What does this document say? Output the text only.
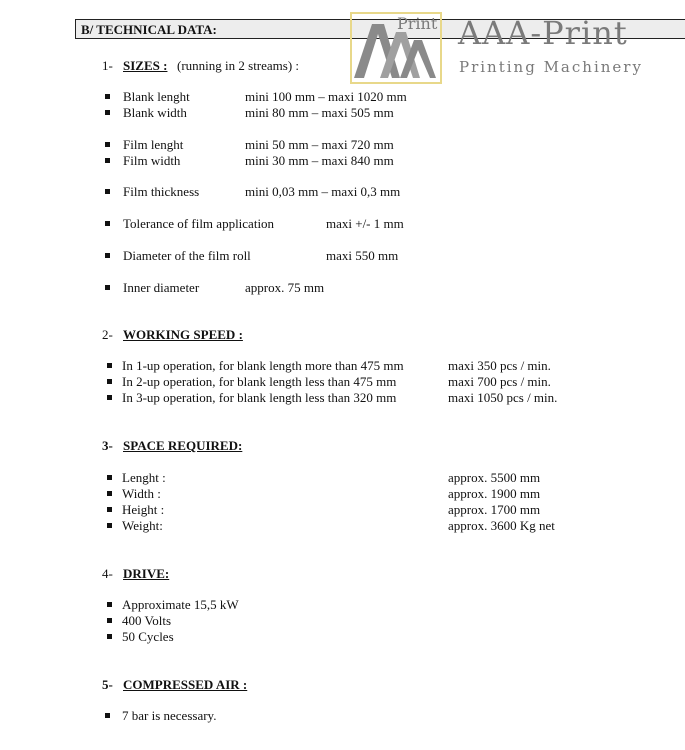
B/ TECHNICAL DATA:	Print AAA-Print
Printing Machinery
1- SIZES : (running in 2 streams) :
Blank lenght	mini 100 mm – maxi 1020 mm
Blank width	mini 80 mm – maxi 505 mm
Film lenght	mini 50 mm – maxi 720 mm
Film width	mini 30 mm – maxi 840 mm
Film thickness	mini 0,03 mm – maxi 0,3 mm
Tolerance of film application	maxi +/- 1 mm
Diameter of the film roll	maxi 550 mm
Inner diameter	approx. 75 mm
2- WORKING SPEED :
In 1-up operation, for blank length more than 475 mm	maxi 350 pcs / min.
In 2-up operation, for blank length less than 475 mm	maxi 700 pcs / min.
In 3-up operation, for blank length less than 320 mm	maxi 1050 pcs / min.
3- SPACE REQUIRED:
Lenght :	approx. 5500 mm
Width :	approx. 1900 mm
Height :	approx. 1700 mm
Weight:	approx. 3600 Kg net
4- DRIVE:
Approximate 15,5 kW
400 Volts
50 Cycles
5- COMPRESSED AIR :
7 bar is necessary.
